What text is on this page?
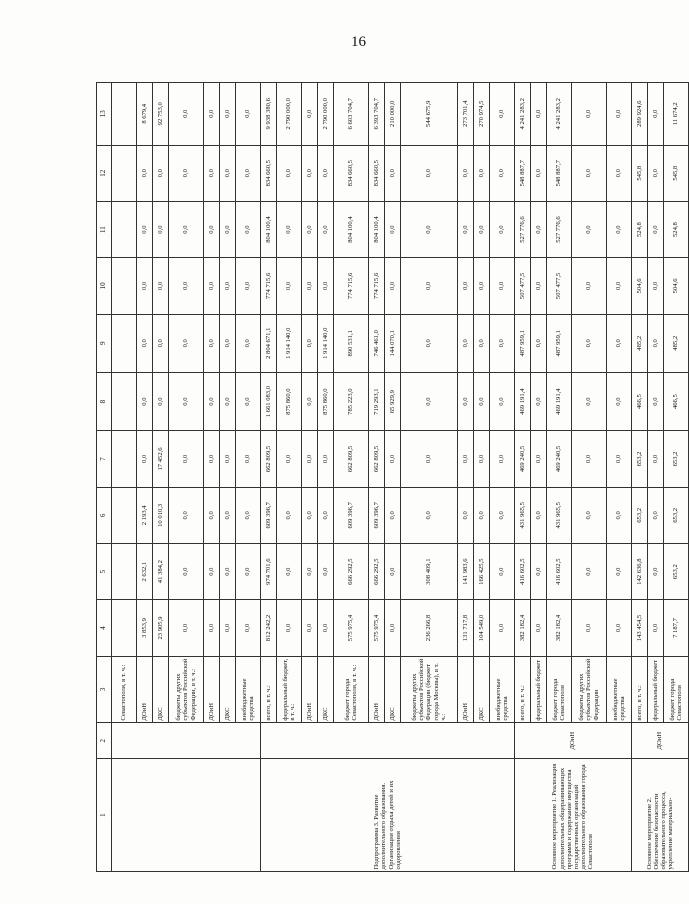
16
1	2	3	4	5	6	7	8	9	10	11	12	13
		Севастополя, в т. ч.:										
		ДОиН	3 853,9	2 632,1	2 193,4	0,0	0,0	0,0	0,0	0,0	0,0	8 679,4
		ДКС	23 905,9	41 384,2	10 010,3	17 452,6	0,0	0,0	0,0	0,0	0,0	92 753,0
		бюджеты других субъектов Российской Федерации, в т. ч.:	0,0	0,0	0,0	0,0	0,0	0,0	0,0	0,0	0,0	0,0
		ДОиН	0,0	0,0	0,0	0,0	0,0	0,0	0,0	0,0	0,0	0,0
		ДКС	0,0	0,0	0,0	0,0	0,0	0,0	0,0	0,0	0,0	0,0
		внебюджетные средства	0,0	0,0	0,0	0,0	0,0	0,0	0,0	0,0	0,0	0,0
Подпрограмма 3. Развитие дополнительного образования. Организация отдыха детей и их оздоровления		всего, в т. ч.:	812 242,2	974 701,6	609 396,7	662 809,5	1 661 083,0	2 804 671,1	774 715,6	804 100,4	834 660,5	9 938 380,6
		федеральный бюджет, в т. ч.:	0,0	0,0	0,0	0,0	875 860,0	1 914 140,0	0,0	0,0	0,0	2 790 000,0
		ДОиН	0,0	0,0	0,0	0,0	0,0	0,0	0,0	0,0	0,0	0,0
		ДКС	0,0	0,0	0,0	0,0	875 860,0	1 914 140,0	0,0	0,0	0,0	2 790 000,0
		бюджет города Севастополя, в т. ч.:	575 975,4	666 292,5	609 396,7	662 809,5	785 223,0	890 531,1	774 715,6	804 100,4	834 660,5	6 603 704,7
		ДОиН	575 975,4	666 292,5	609 396,7	662 809,5	719 293,1	746 461,0	774 715,6	804 100,4	834 660,5	6 393 704,7
		ДКС	0,0	0,0	0,0	0,0	65 929,9	144 070,1	0,0	0,0	0,0	210 000,0
		бюджеты других субъектов Российской Федерации (бюджет города Москвы), в т. ч.:	236 266,8	308 409,1	0,0	0,0	0,0	0,0	0,0	0,0	0,0	544 675,9
		ДОиН	131 717,8	141 983,6	0,0	0,0	0,0	0,0	0,0	0,0	0,0	273 701,4
		ДКС	104 549,0	166 425,5	0,0	0,0	0,0	0,0	0,0	0,0	0,0	270 974,5
		внебюджетные средства	0,0	0,0	0,0	0,0	0,0	0,0	0,0	0,0	0,0	0,0
Основное мероприятие 1. Реализация дополнительных общеразвивающих программ и содержание имущества государственных организаций дополнительного образования города Севастополя	ДОиН	всего, в т. ч.:	382 182,4	416 602,5	431 965,5	469 240,5	469 191,4	487 959,1	507 477,5	527 776,6	548 887,7	4 241 283,2
		федеральный бюджет	0,0	0,0	0,0	0,0	0,0	0,0	0,0	0,0	0,0	0,0
		бюджет города Севастополя	382 182,4	416 602,5	431 965,5	469 240,5	469 191,4	487 959,1	507 477,5	527 776,6	548 887,7	4 241 283,2
		бюджеты других субъектов Российской Федерации	0,0	0,0	0,0	0,0	0,0	0,0	0,0	0,0	0,0	0,0
		внебюджетные средства	0,0	0,0	0,0	0,0	0,0	0,0	0,0	0,0	0,0	0,0
Основное мероприятие 2. Обеспечение безопасности образовательного процесса, укрепление материально-	ДОиН	всего, в т. ч.:	143 454,5	142 636,8	653,2	653,2	466,5	485,2	504,6	524,8	545,8	289 924,6
		федеральный бюджет	0,0	0,0	0,0	0,0	0,0	0,0	0,0	0,0	0,0	0,0
		бюджет города Севастополя	7 187,7	653,2	653,2	653,2	466,5	485,2	504,6	524,8	545,8	11 674,2
